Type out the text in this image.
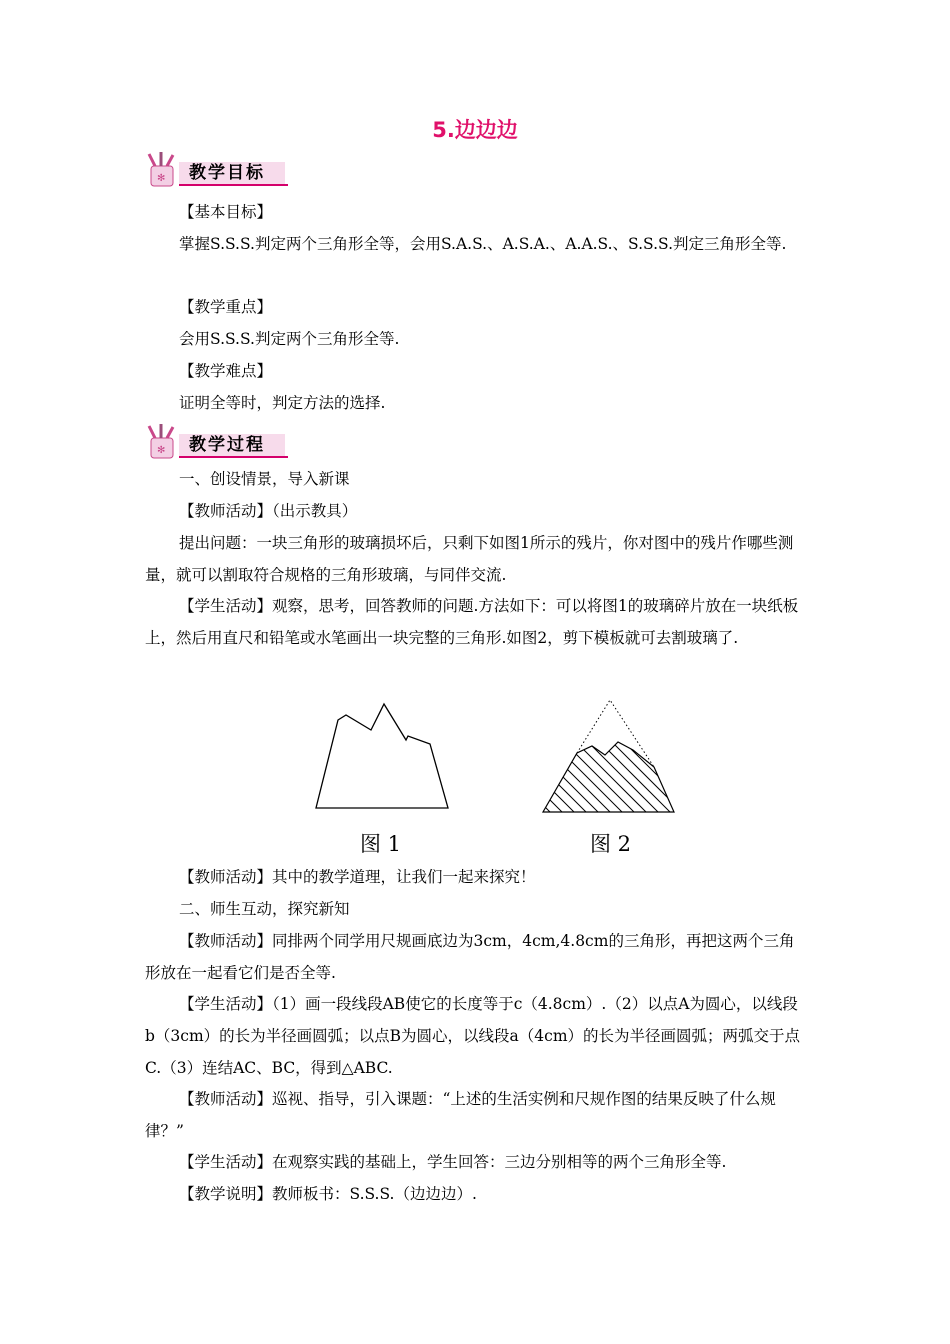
5.边边边
✻ 教学目标

【基本目标】

掌握S.S.S.判定两个三角形全等，会用S.A.S.、A.S.A.、A.A.S.、S.S.S.判定三角形全等.

【教学重点】

会用S.S.S.判定两个三角形全等.

【教学难点】

证明全等时，判定方法的选择.

✻ 教学过程

一、创设情景，导入新课

【教师活动】（出示教具）

提出问题：一块三角形的玻璃损坏后，只剩下如图1所示的残片，你对图中的残片作哪些测量，就可以割取符合规格的三角形玻璃，与同伴交流.

【学生活动】观察，思考，回答教师的问题.方法如下：可以将图1的玻璃碎片放在一块纸板上，然后用直尺和铅笔或水笔画出一块完整的三角形.如图2，剪下模板就可去割玻璃了.

图 1	图 2

【教师活动】其中的教学道理，让我们一起来探究！

二、师生互动，探究新知

【教师活动】同排两个同学用尺规画底边为3cm，4cm,4.8cm的三角形，再把这两个三角形放在一起看它们是否全等.

【学生活动】（1）画一段线段AB使它的长度等于c（4.8cm）.（2）以点A为圆心，以线段b（3cm）的长为半径画圆弧；以点B为圆心，以线段a（4cm）的长为半径画圆弧；两弧交于点C.（3）连结AC、BC，得到△ABC.

【教师活动】巡视、指导，引入课题：“上述的生活实例和尺规作图的结果反映了什么规律？”

【学生活动】在观察实践的基础上，学生回答：三边分别相等的两个三角形全等.

【教学说明】教师板书：S.S.S.（边边边）.
